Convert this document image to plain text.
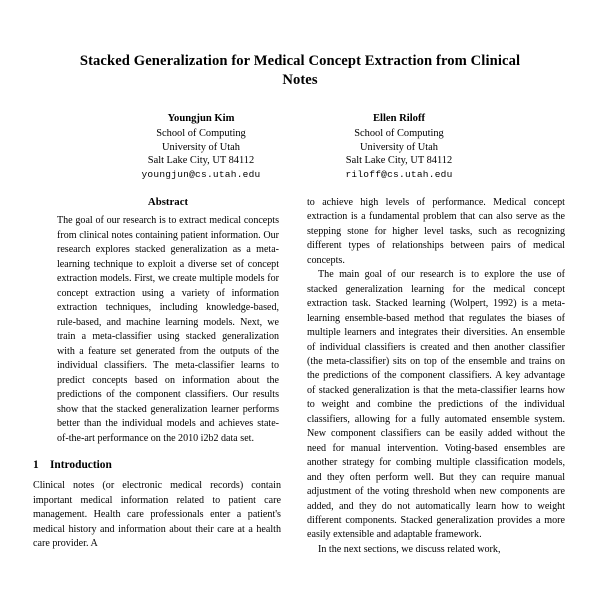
Stacked Generalization for Medical Concept Extraction from Clinical Notes
Youngjun Kim
School of Computing
University of Utah
Salt Lake City, UT 84112
youngjun@cs.utah.edu
Ellen Riloff
School of Computing
University of Utah
Salt Lake City, UT 84112
riloff@cs.utah.edu
Abstract

The goal of our research is to extract medical concepts from clinical notes containing patient information. Our research explores stacked generalization as a meta-learning technique to exploit a diverse set of concept extraction models. First, we create multiple models for concept extraction using a variety of information extraction techniques, including knowledge-based, rule-based, and machine learning models. Next, we train a meta-classifier using stacked generalization with a feature set generated from the outputs of the individual classifiers. The meta-classifier learns to predict concepts based on information about the predictions of the component classifiers. Our results show that the stacked generalization learner performs better than the individual models and achieves state-of-the-art performance on the 2010 i2b2 data set.

1 Introduction

Clinical notes (or electronic medical records) contain important medical information related to patient care management. Health care professionals enter a patient's medical history and information about their care at a health care provider. A

to achieve high levels of performance. Medical concept extraction is a fundamental problem that can also serve as the stepping stone for higher level tasks, such as recognizing different types of relationships between pairs of medical concepts.

The main goal of our research is to explore the use of stacked generalization learning for the medical concept extraction task. Stacked learning (Wolpert, 1992) is a meta-learning ensemble-based method that regulates the biases of multiple learners and integrates their diversities. An ensemble of individual classifiers is created and then another classifier (the meta-classifier) sits on top of the ensemble and trains on the predictions of the component classifiers. A key advantage of stacked generalization is that the meta-classifier learns how to weight and combine the predictions of the individual classifiers, allowing for a fully automated ensemble system. New component classifiers can be easily added without the need for manual intervention. Voting-based ensembles are another strategy for combing multiple classification models, and they often perform well. But they can require manual adjustment of the voting threshold when new components are added, and they do not automatically learn how to weight different components. Stacked generalization provides a more easily extensible and adaptable framework.

In the next sections, we discuss related work,
